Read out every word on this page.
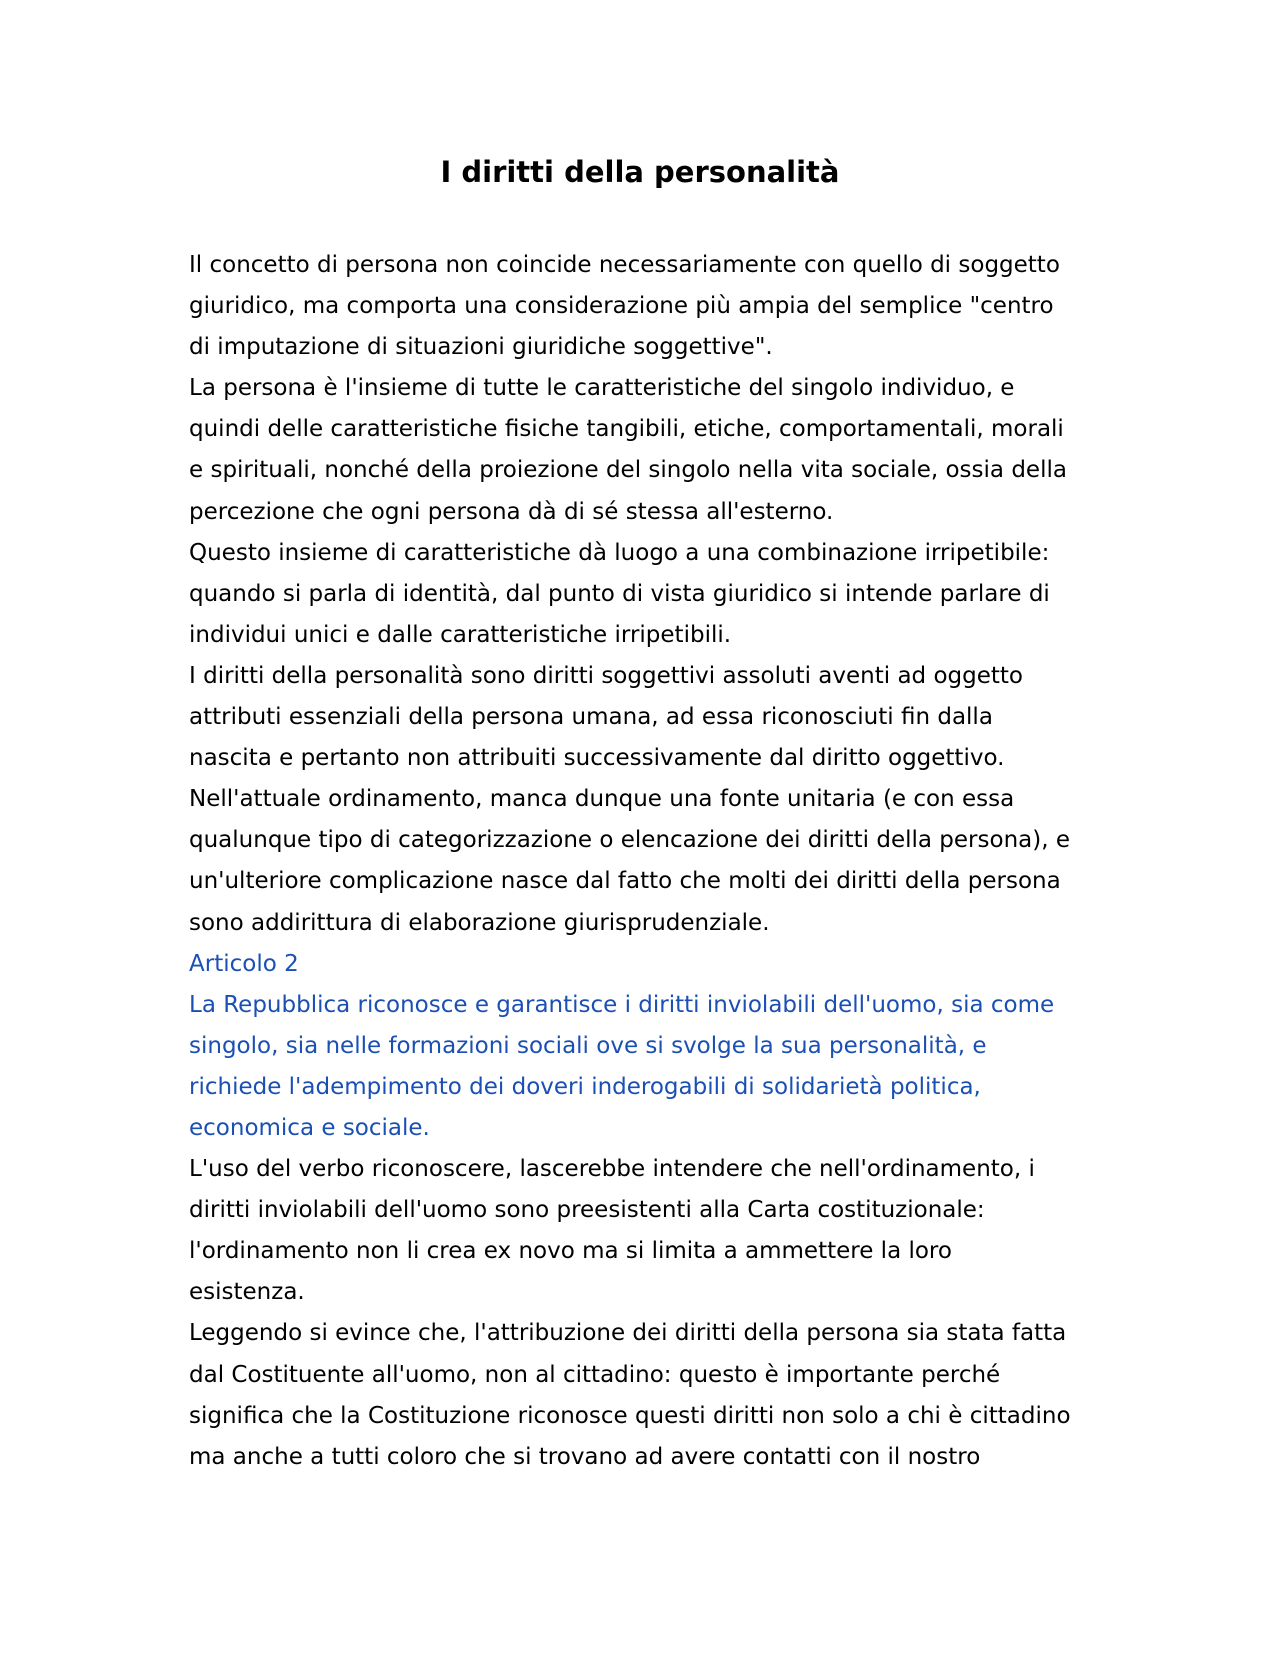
I diritti della personalità
Il concetto di persona non coincide necessariamente con quello di soggetto
giuridico, ma comporta una considerazione più ampia del semplice "centro
di imputazione di situazioni giuridiche soggettive".
La persona è l'insieme di tutte le caratteristiche del singolo individuo, e
quindi delle caratteristiche fisiche tangibili, etiche, comportamentali, morali
e spirituali, nonché della proiezione del singolo nella vita sociale, ossia della
percezione che ogni persona dà di sé stessa all'esterno.
Questo insieme di caratteristiche dà luogo a una combinazione irripetibile:
quando si parla di identità, dal punto di vista giuridico si intende parlare di
individui unici e dalle caratteristiche irripetibili.
I diritti della personalità sono diritti soggettivi assoluti aventi ad oggetto
attributi essenziali della persona umana, ad essa riconosciuti fin dalla
nascita e pertanto non attribuiti successivamente dal diritto oggettivo.
Nell'attuale ordinamento, manca dunque una fonte unitaria (e con essa
qualunque tipo di categorizzazione o elencazione dei diritti della persona), e
un'ulteriore complicazione nasce dal fatto che molti dei diritti della persona
sono addirittura di elaborazione giurisprudenziale.
Articolo 2
La Repubblica riconosce e garantisce i diritti inviolabili dell'uomo, sia come
singolo, sia nelle formazioni sociali ove si svolge la sua personalità, e
richiede l'adempimento dei doveri inderogabili di solidarietà politica,
economica e sociale.
L'uso del verbo riconoscere, lascerebbe intendere che nell'ordinamento, i
diritti inviolabili dell'uomo sono preesistenti alla Carta costituzionale:
l'ordinamento non li crea ex novo ma si limita a ammettere la loro
esistenza.
Leggendo si evince che, l'attribuzione dei diritti della persona sia stata fatta
dal Costituente all'uomo, non al cittadino: questo è importante perché
significa che la Costituzione riconosce questi diritti non solo a chi è cittadino
ma anche a tutti coloro che si trovano ad avere contatti con il nostro
